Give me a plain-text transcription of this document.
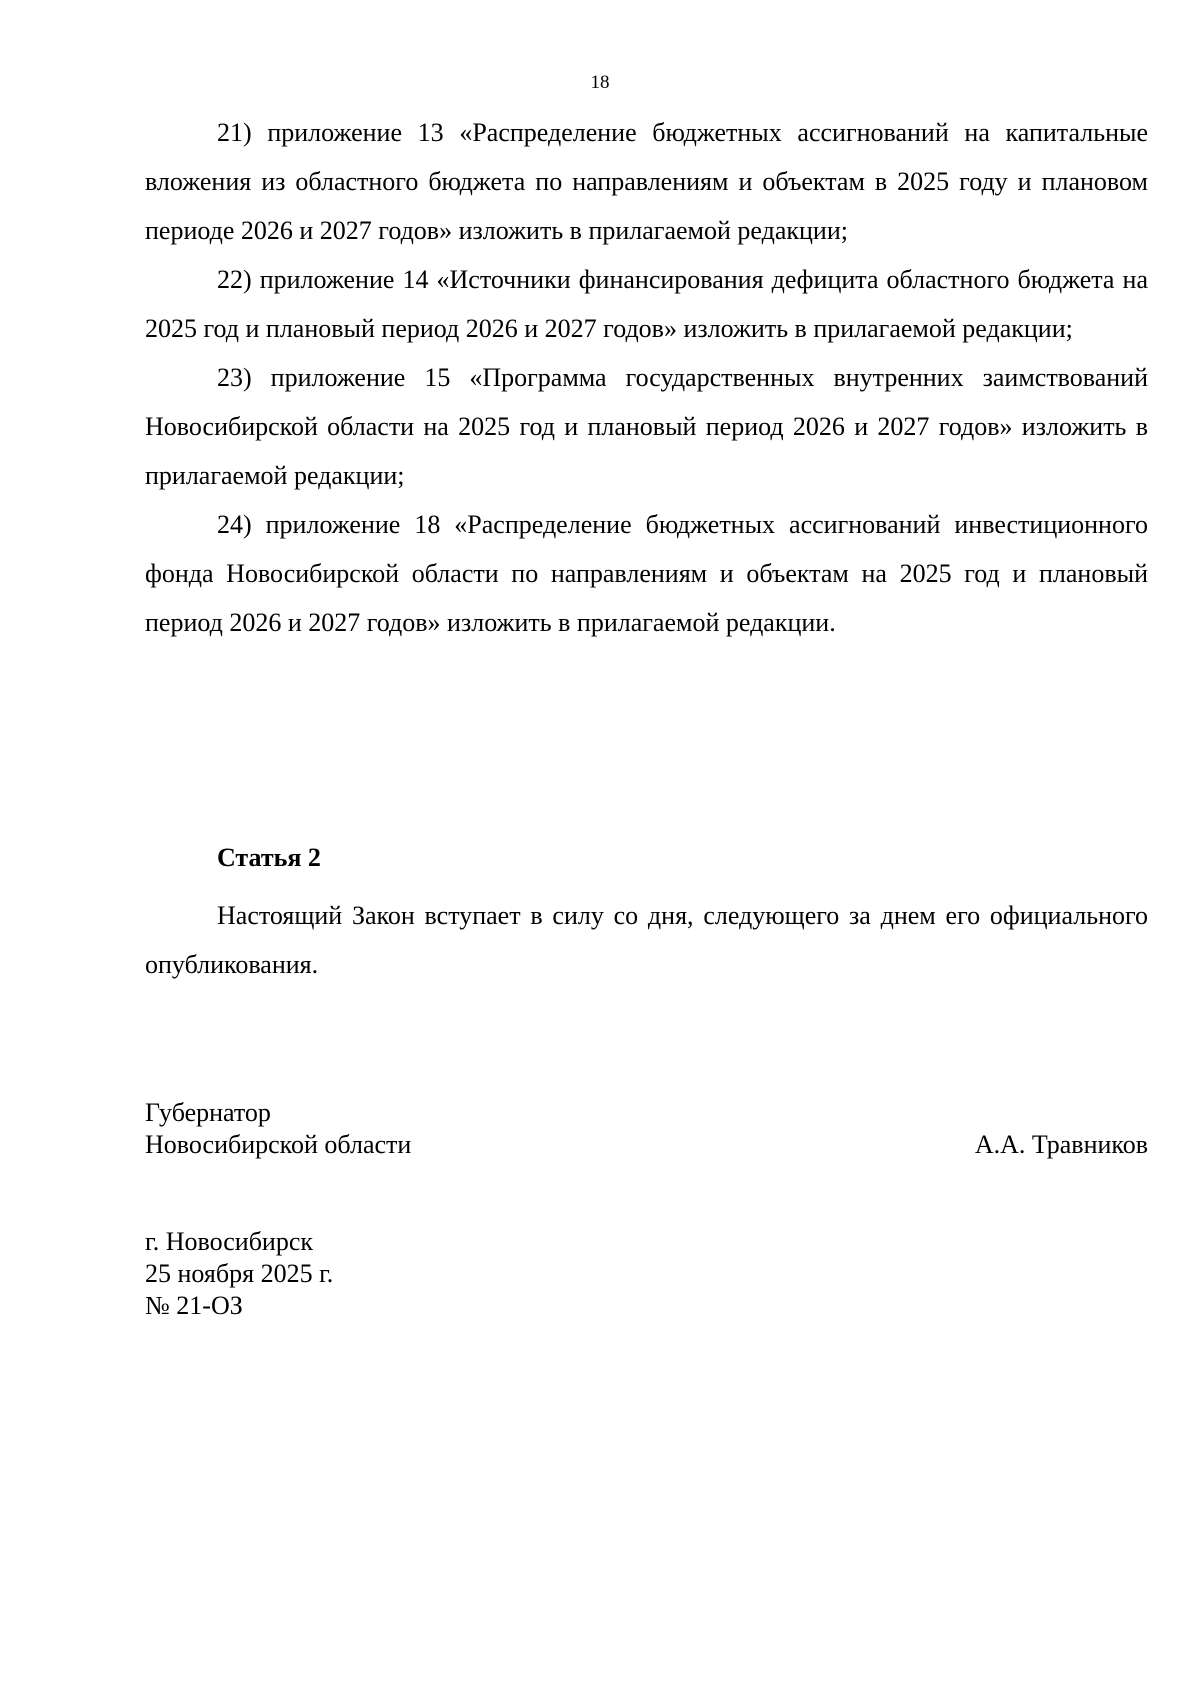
18

21) приложение 13 «Распределение бюджетных ассигнований на капитальные вложения из областного бюджета по направлениям и объектам в 2025 году и плановом периоде 2026 и 2027 годов» изложить в прилагаемой редакции;

22) приложение 14 «Источники финансирования дефицита областного бюджета на 2025 год и плановый период 2026 и 2027 годов» изложить в прилагаемой редакции;

23) приложение 15 «Программа государственных внутренних заимствований Новосибирской области на 2025 год и плановый период 2026 и 2027 годов» изложить в прилагаемой редакции;

24) приложение 18 «Распределение бюджетных ассигнований инвестиционного фонда Новосибирской области по направлениям и объектам на 2025 год и плановый период 2026 и 2027 годов» изложить в прилагаемой редакции.

Статья 2

Настоящий Закон вступает в силу со дня, следующего за днем его официального опубликования.

Губернатор
Новосибирской области	А.А. Травников
г. Новосибирск
25 ноября 2025 г.
№ 21-ОЗ
